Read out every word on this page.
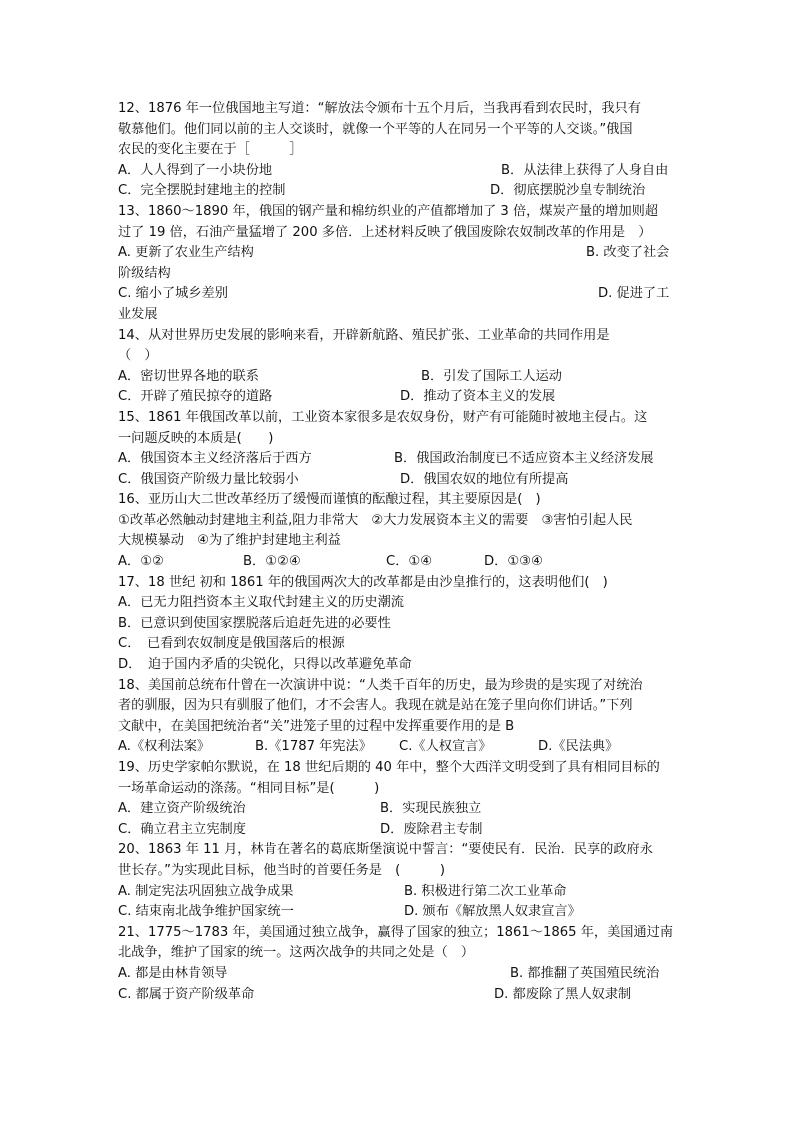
12、1876 年一位俄国地主写道：“解放法令颁布十五个月后，当我再看到农民时，我只有
敬慕他们。他们同以前的主人交谈时，就像一个平等的人在同另一个平等的人交谈。”俄国
农民的变化主要在于［　　　］
A．人人得到了一小块份地	B．从法律上获得了人身自由
C．完全摆脱封建地主的控制	D．彻底摆脱沙皇专制统治
13、1860～1890 年，俄国的钢产量和棉纺织业的产值都增加了 3 倍，煤炭产量的增加则超
过了 19 倍，石油产量猛增了 200 多倍．上述材料反映了俄国废除农奴制改革的作用是　）
A. 更新了农业生产结构	B. 改变了社会
阶级结构
C. 缩小了城乡差别	D. 促进了工
业发展
14、从对世界历史发展的影响来看，开辟新航路、殖民扩张、工业革命的共同作用是
（　）
A．密切世界各地的联系	B．引发了国际工人运动
C．开辟了殖民掠夺的道路	D．推动了资本主义的发展
15、1861 年俄国改革以前，工业资本家很多是农奴身份，财产有可能随时被地主侵占。这
一问题反映的本质是(　　)
A．俄国资本主义经济落后于西方	B．俄国政治制度已不适应资本主义经济发展
C．俄国资产阶级力量比较弱小	D．俄国农奴的地位有所提高
16、亚历山大二世改革经历了缓慢而谨慎的酝酿过程，其主要原因是(　)
①改革必然触动封建地主利益,阻力非常大　②大力发展资本主义的需要　③害怕引起人民
大规模暴动　④为了维护封建地主利益
A．①②	B．①②④	C．①④	D．①③④
17、18 世纪 初和 1861 年的俄国两次大的改革都是由沙皇推行的，这表明他们(　)
A．已无力阻挡资本主义取代封建主义的历史潮流
B．已意识到使国家摆脱落后追赶先进的必要性
C．　已看到农奴制度是俄国落后的根源
D．　迫于国内矛盾的尖锐化，只得以改革避免革命
18、美国前总统布什曾在一次演讲中说：“人类千百年的历史，最为珍贵的是实现了对统治
者的驯服，因为只有驯服了他们，才不会害人。我现在就是站在笼子里向你们讲话。”下列
文献中，在美国把统治者“关”进笼子里的过程中发挥重要作用的是 B
A.《权利法案》	B.《1787 年宪法》 C.《人权宣言》	D.《民法典》
19、历史学家帕尔默说，在 18 世纪后期的 40 年中，整个大西洋文明受到了具有相同目标的
一场革命运动的涤荡。“相同目标”是(　　　)
A．建立资产阶级统治	B．实现民族独立
C．确立君主立宪制度	D．废除君主专制
20、1863 年 11 月，林肯在著名的葛底斯堡演说中誓言：“要使民有．民治．民享的政府永
世长存。”为实现此目标，他当时的首要任务是　(　　　)
A. 制定宪法巩固独立战争成果	B. 积极进行第二次工业革命
C. 结束南北战争维护国家统一	D. 颁布《解放黑人奴隶宣言》
21、1775～1783 年，美国通过独立战争，赢得了国家的独立；1861～1865 年，美国通过南
北战争，维护了国家的统一。这两次战争的共同之处是（　）
A. 都是由林肯领导	B. 都推翻了英国殖民统治
C. 都属于资产阶级革命	D. 都废除了黑人奴隶制
